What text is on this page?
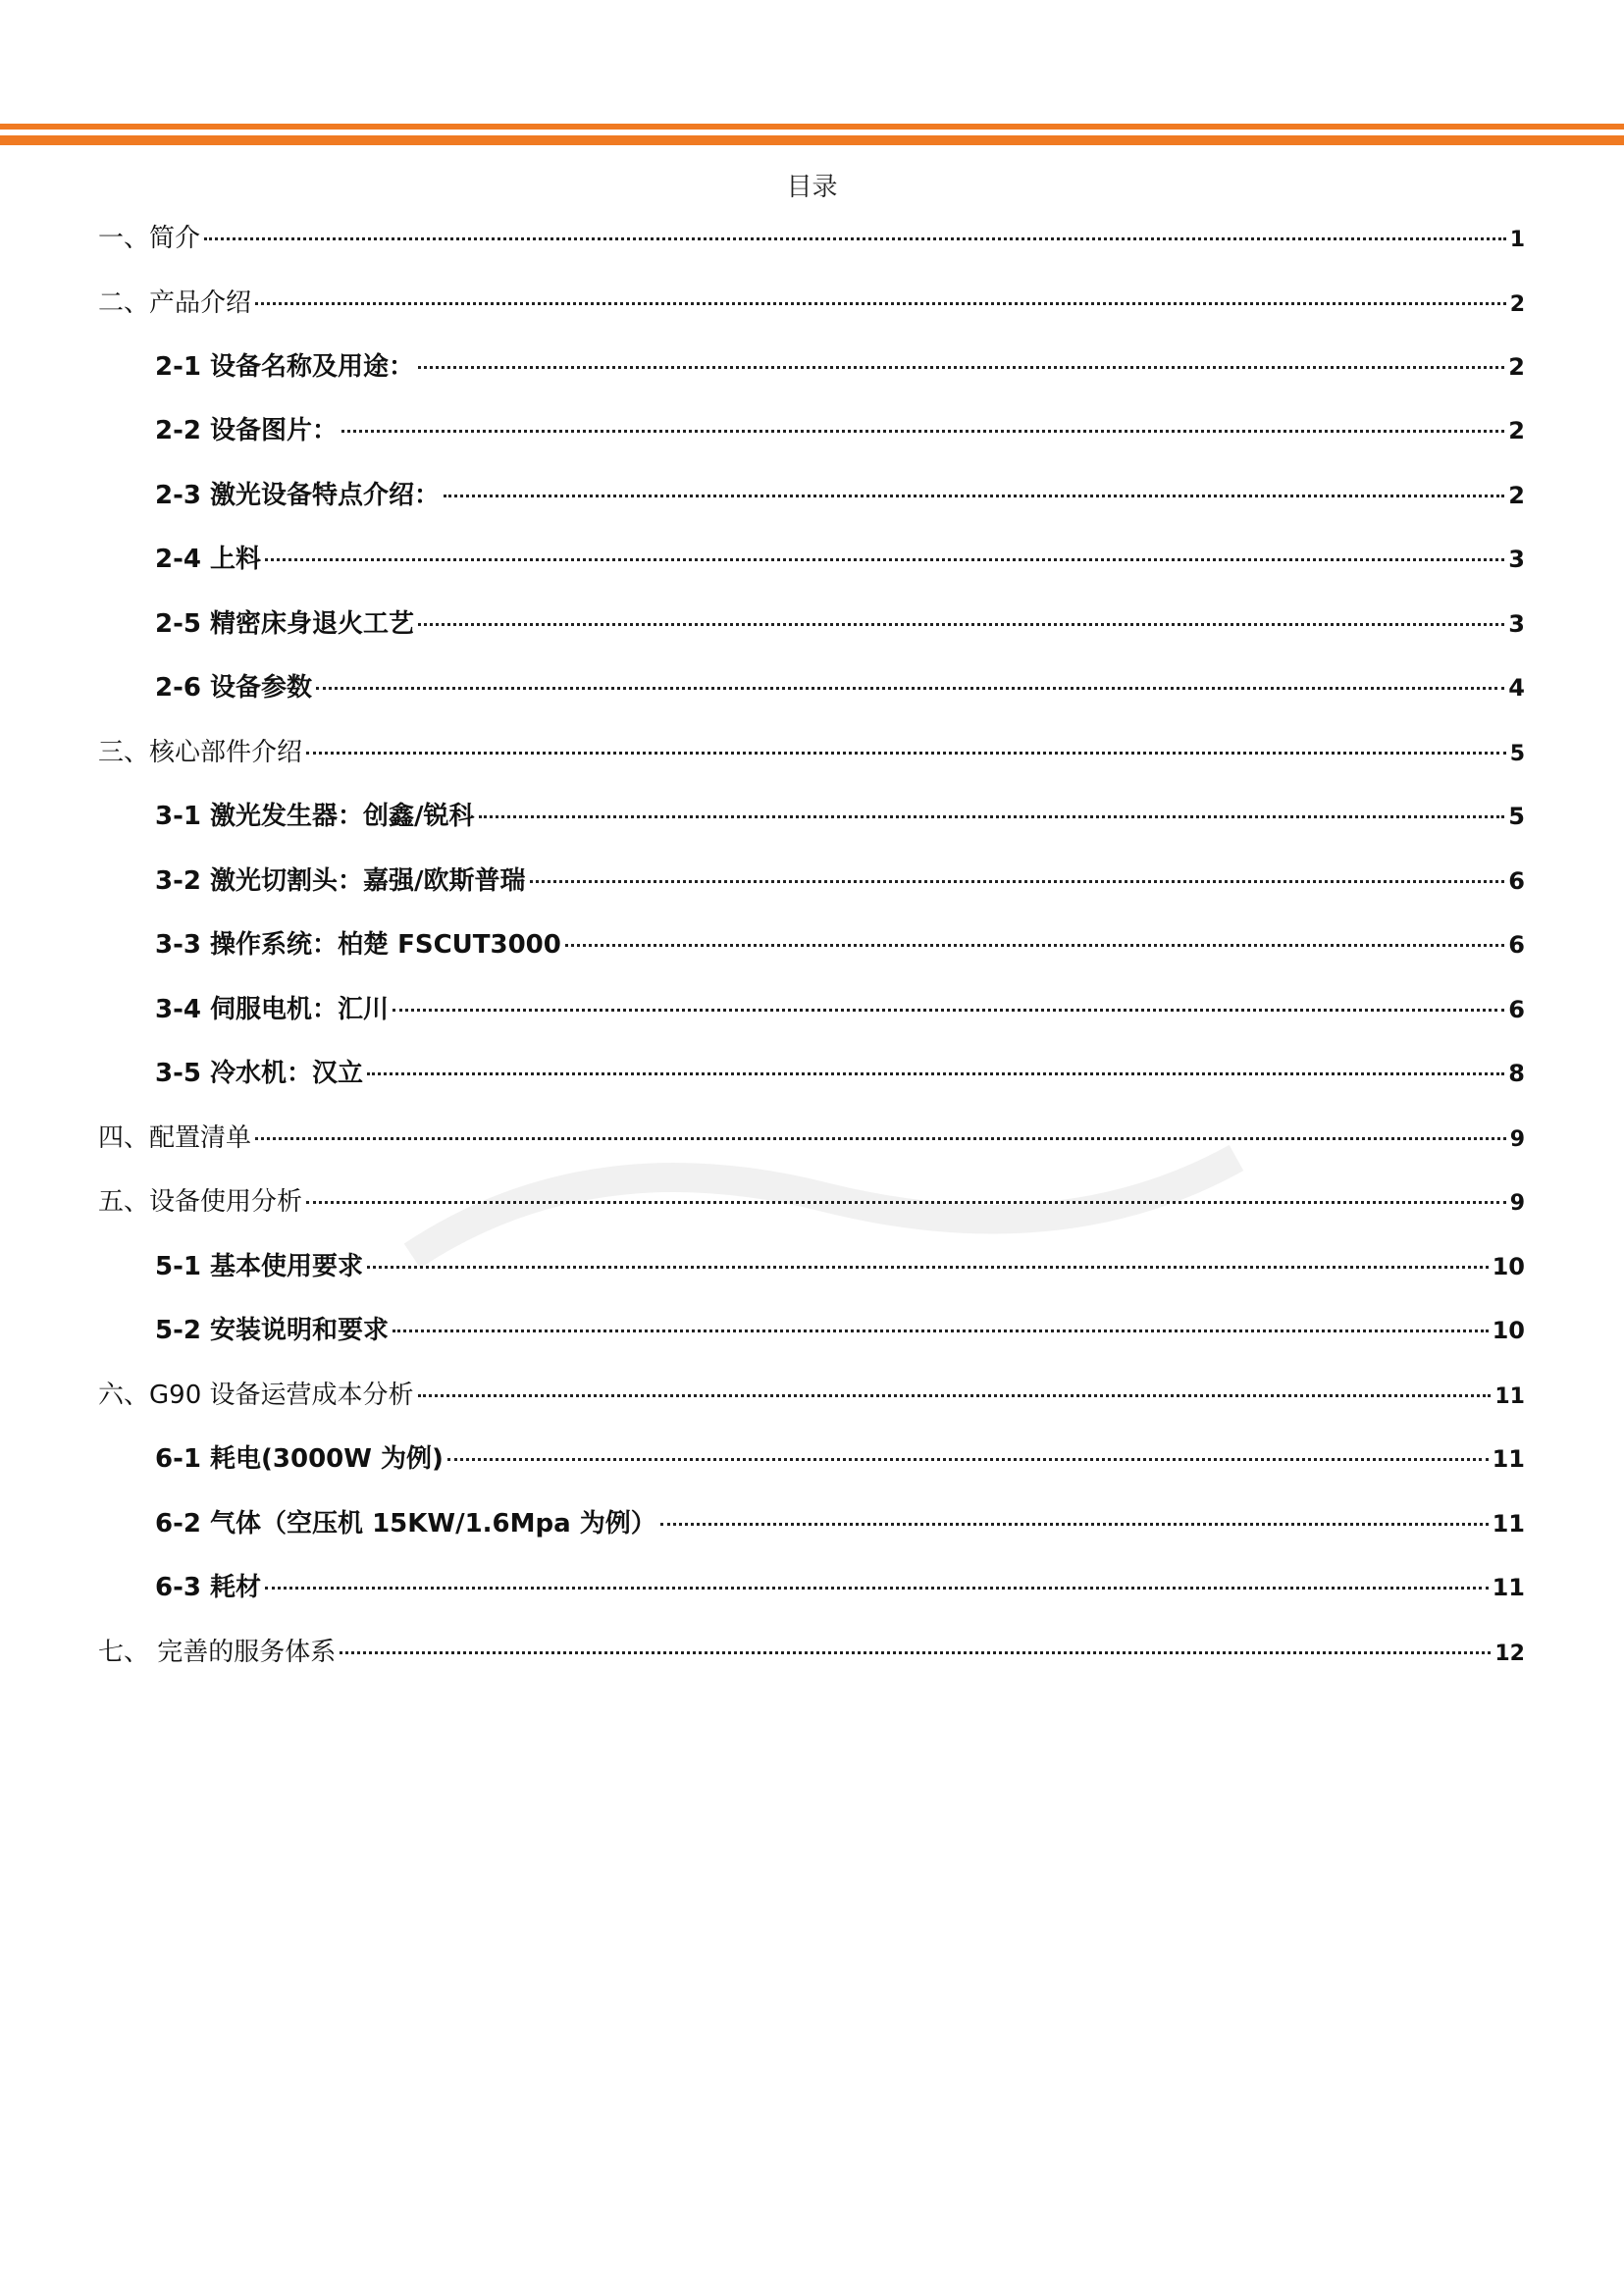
目录
一、简介	1
二、产品介绍	2
2-1 设备名称及用途：	2
2-2 设备图片：	2
2-3 激光设备特点介绍：	2
2-4 上料	3
2-5 精密床身退火工艺	3
2-6 设备参数	4
三、核心部件介绍	5
3-1 激光发生器：创鑫/锐科	5
3-2 激光切割头：嘉强/欧斯普瑞	6
3-3 操作系统：柏楚 FSCUT3000	6
3-4 伺服电机：汇川	6
3-5 冷水机：汉立	8
四、配置清单	9
五、设备使用分析	9
5-1 基本使用要求	10
5-2 安装说明和要求	10
六、G90 设备运营成本分析	11
6-1 耗电(3000W 为例)	11
6-2 气体（空压机 15KW/1.6Mpa 为例）	11
6-3 耗材	11
七、 完善的服务体系	12
